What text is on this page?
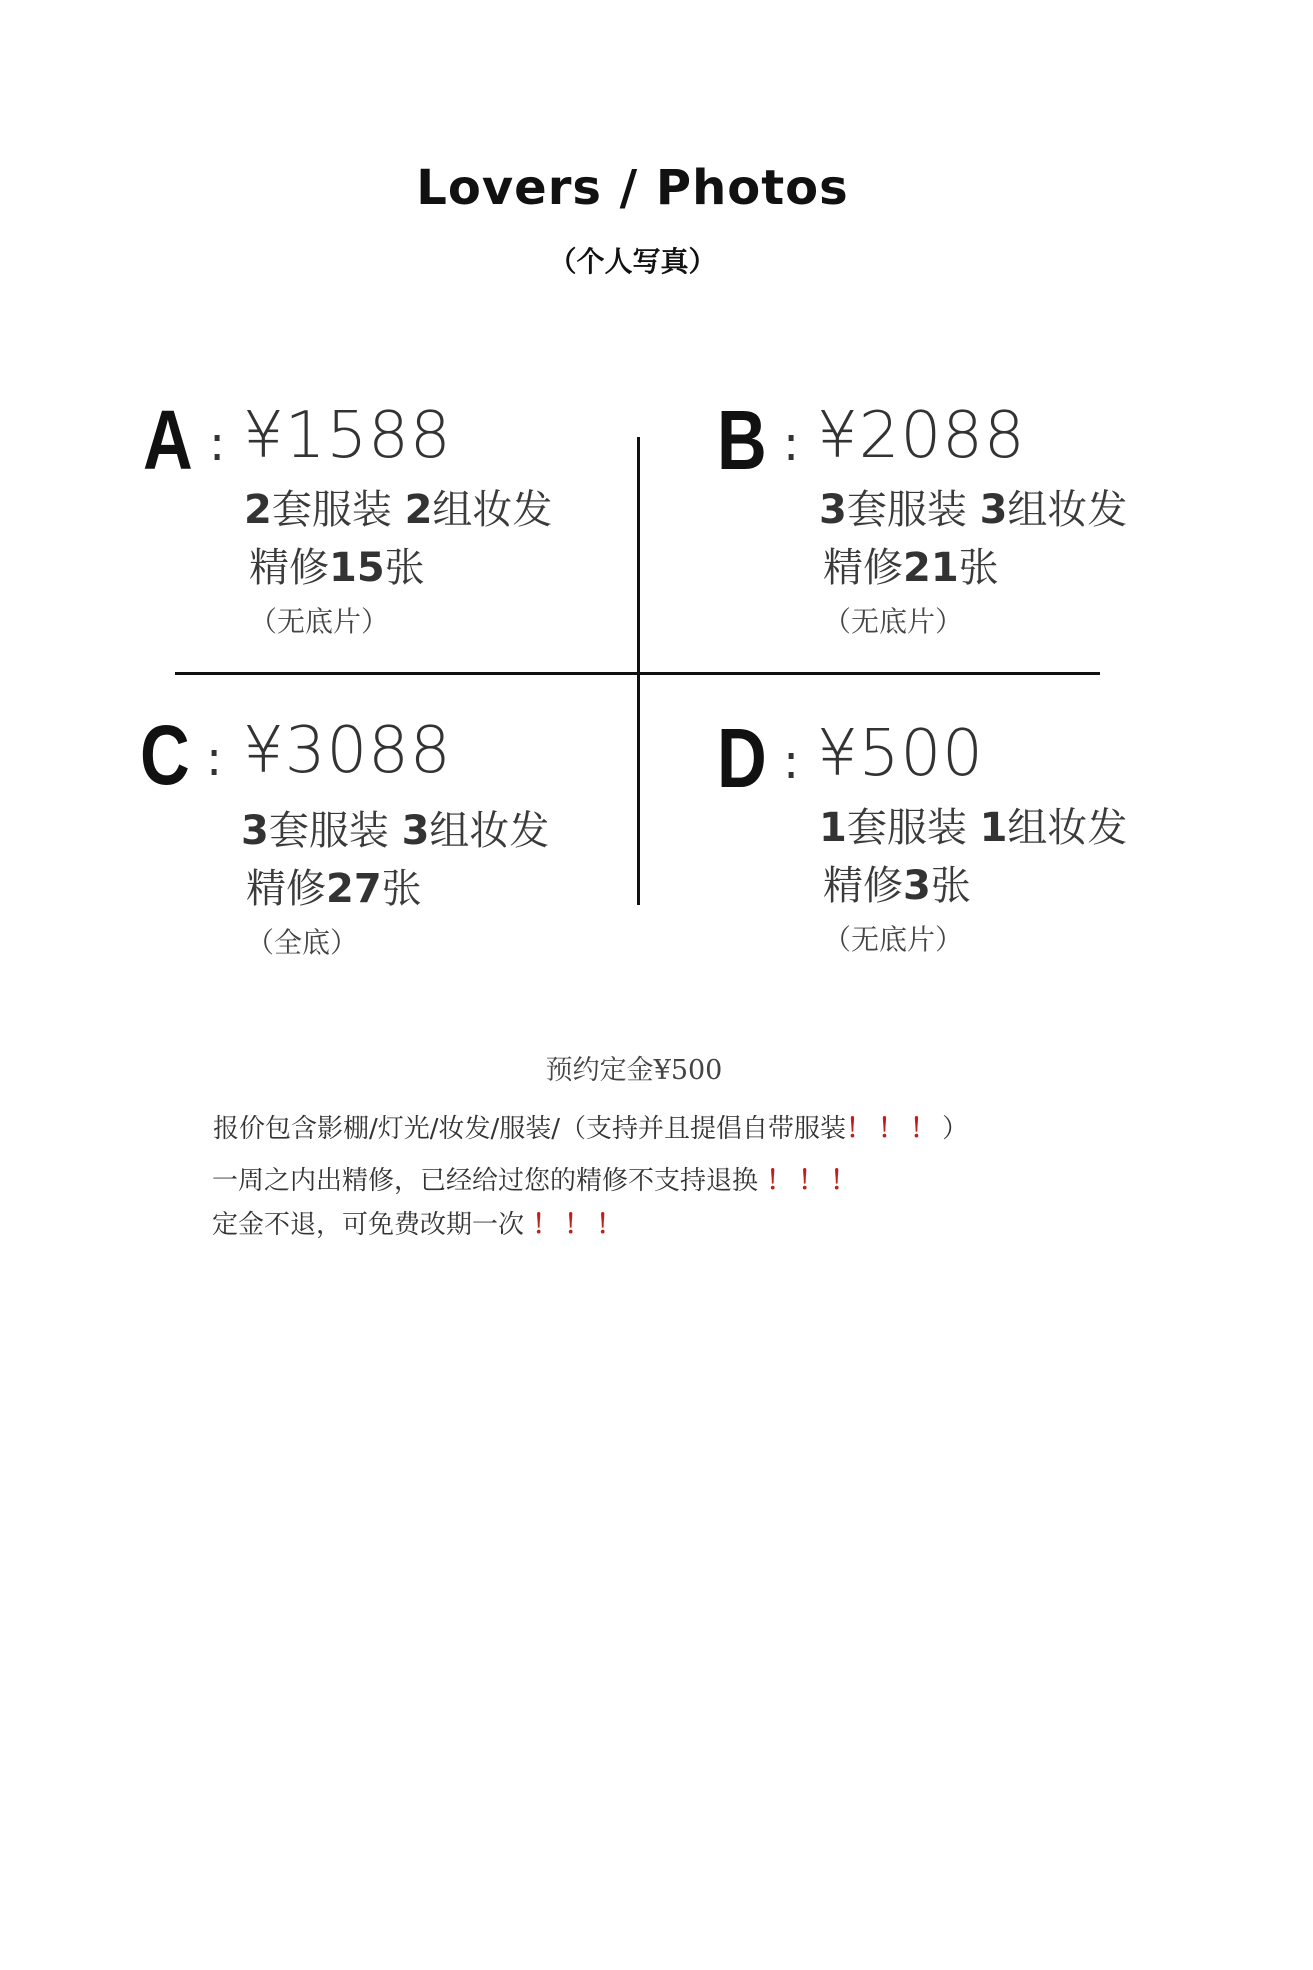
Lovers / Photos
（个人写真）
A : ¥1588
2套服装 2组妆发
精修15张
（无底片）
B : ¥2088
3套服装 3组妆发
精修21张
（无底片）
C : ¥3088
3套服装 3组妆发
精修27张
（全底）
D : ¥500
1套服装 1组妆发
精修3张
（无底片）
预约定金¥500
报价包含影棚/灯光/妆发/服装/（支持并且提倡自带服装！！！）
一周之内出精修，已经给过您的精修不支持退换 ！！！
定金不退，可免费改期一次 ！！！
